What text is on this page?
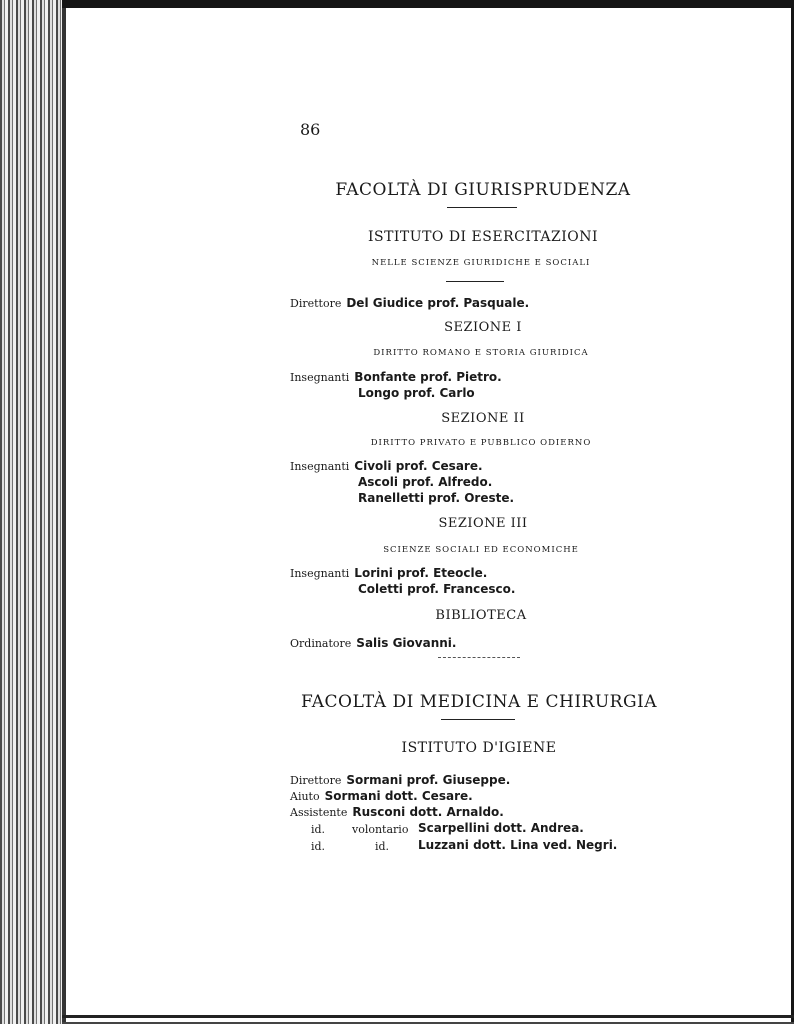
86
FACOLTÀ DI GIURISPRUDENZA
ISTITUTO DI ESERCITAZIONI
NELLE SCIENZE GIURIDICHE E SOCIALI
Direttore Del Giudice prof. Pasquale.
SEZIONE I
DIRITTO ROMANO E STORIA GIURIDICA
Insegnanti Bonfante prof. Pietro.
Longo prof. Carlo
SEZIONE II
DIRITTO PRIVATO E PUBBLICO ODIERNO
Insegnanti Civoli prof. Cesare.
Ascoli prof. Alfredo.
Ranelletti prof. Oreste.
SEZIONE III
SCIENZE SOCIALI ED ECONOMICHE
Insegnanti Lorini prof. Eteocle.
Coletti prof. Francesco.
BIBLIOTECA
Ordinatore Salis Giovanni.
FACOLTÀ DI MEDICINA E CHIRURGIA
ISTITUTO D'IGIENE
Direttore Sormani prof. Giuseppe.
Aiuto Sormani dott. Cesare.
Assistente Rusconi dott. Arnaldo.
id. volontario Scarpellini dott. Andrea.
id.	id. Luzzani dott. Lina ved. Negri.
